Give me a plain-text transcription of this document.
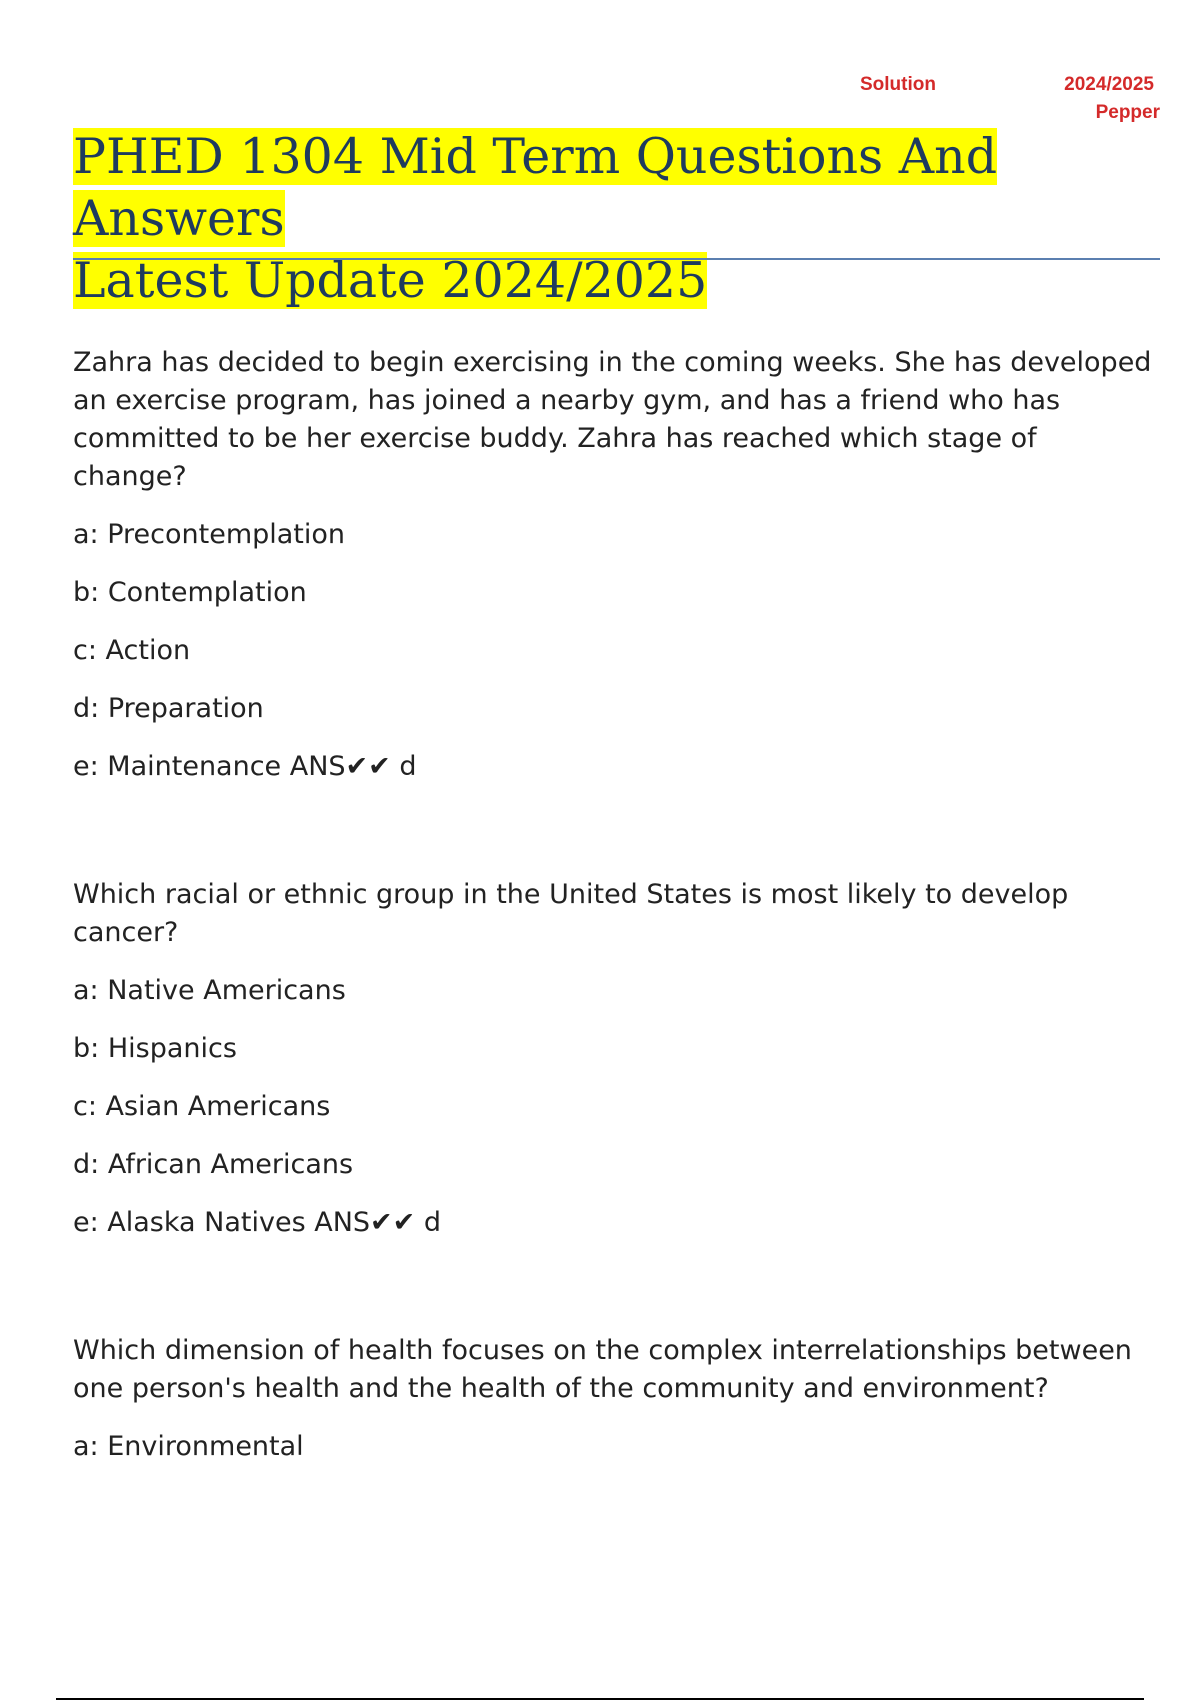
Solution	2024/2025
Pepper
PHED 1304 Mid Term Questions And Answers
Latest Update 2024/2025

Zahra has decided to begin exercising in the coming weeks. She has developed an exercise program, has joined a nearby gym, and has a friend who has committed to be her exercise buddy. Zahra has reached which stage of change?

a: Precontemplation

b: Contemplation

c: Action

d: Preparation

e: Maintenance ANS✔✔ d

Which racial or ethnic group in the United States is most likely to develop cancer?

a: Native Americans

b: Hispanics

c: Asian Americans

d: African Americans

e: Alaska Natives ANS✔✔ d

Which dimension of health focuses on the complex interrelationships between one person's health and the health of the community and environment?

a: Environmental
